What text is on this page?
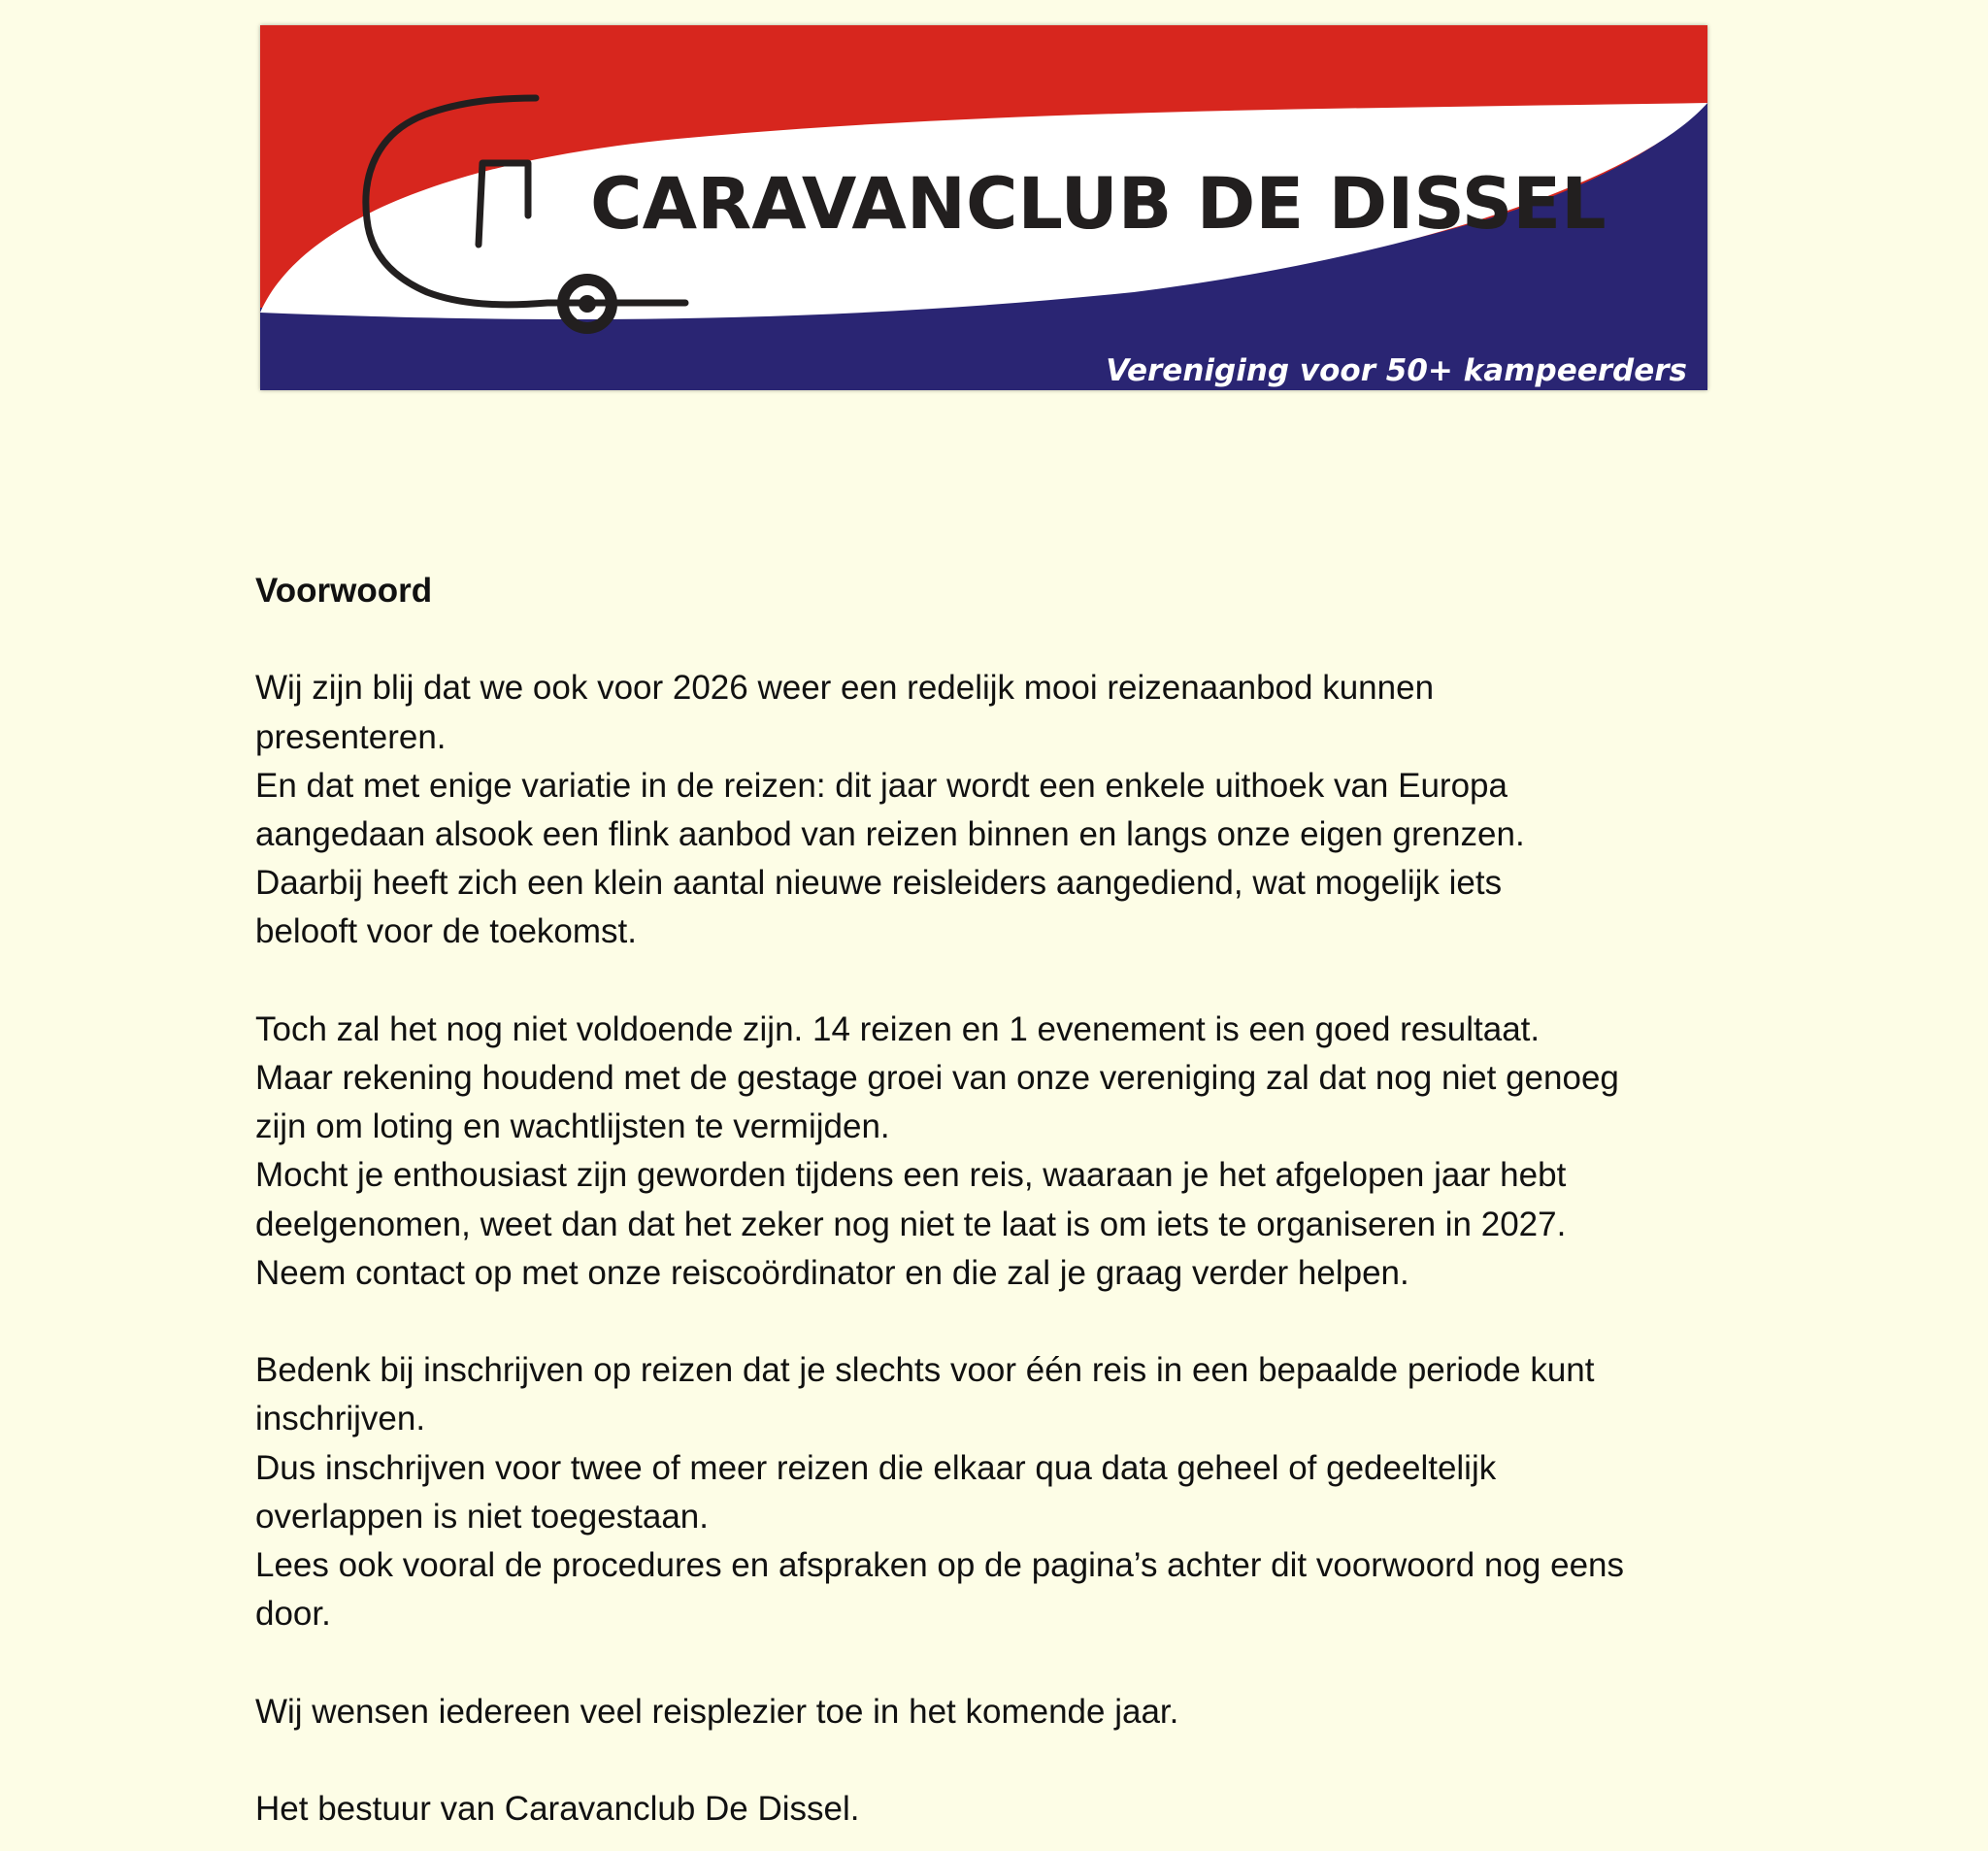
CARAVANCLUB DE DISSEL
Vereniging voor 50+ kampeerders

Voorwoord

Wij zijn blij dat we ook voor 2026 weer een redelijk mooi reizenaanbod kunnen
presenteren.
En dat met enige variatie in de reizen: dit jaar wordt een enkele uithoek van Europa
aangedaan alsook een flink aanbod van reizen binnen en langs onze eigen grenzen.
Daarbij heeft zich een klein aantal nieuwe reisleiders aangediend, wat mogelijk iets
belooft voor de toekomst.

Toch zal het nog niet voldoende zijn. 14 reizen en 1 evenement is een goed resultaat.
Maar rekening houdend met de gestage groei van onze vereniging zal dat nog niet genoeg
zijn om loting en wachtlijsten te vermijden.
Mocht je enthousiast zijn geworden tijdens een reis, waaraan je het afgelopen jaar hebt
deelgenomen, weet dan dat het zeker nog niet te laat is om iets te organiseren in 2027.
Neem contact op met onze reiscoördinator en die zal je graag verder helpen.

Bedenk bij inschrijven op reizen dat je slechts voor één reis in een bepaalde periode kunt
inschrijven.
Dus inschrijven voor twee of meer reizen die elkaar qua data geheel of gedeeltelijk
overlappen is niet toegestaan.
Lees ook vooral de procedures en afspraken op de pagina’s achter dit voorwoord nog eens
door.

Wij wensen iedereen veel reisplezier toe in het komende jaar.

Het bestuur van Caravanclub De Dissel.
